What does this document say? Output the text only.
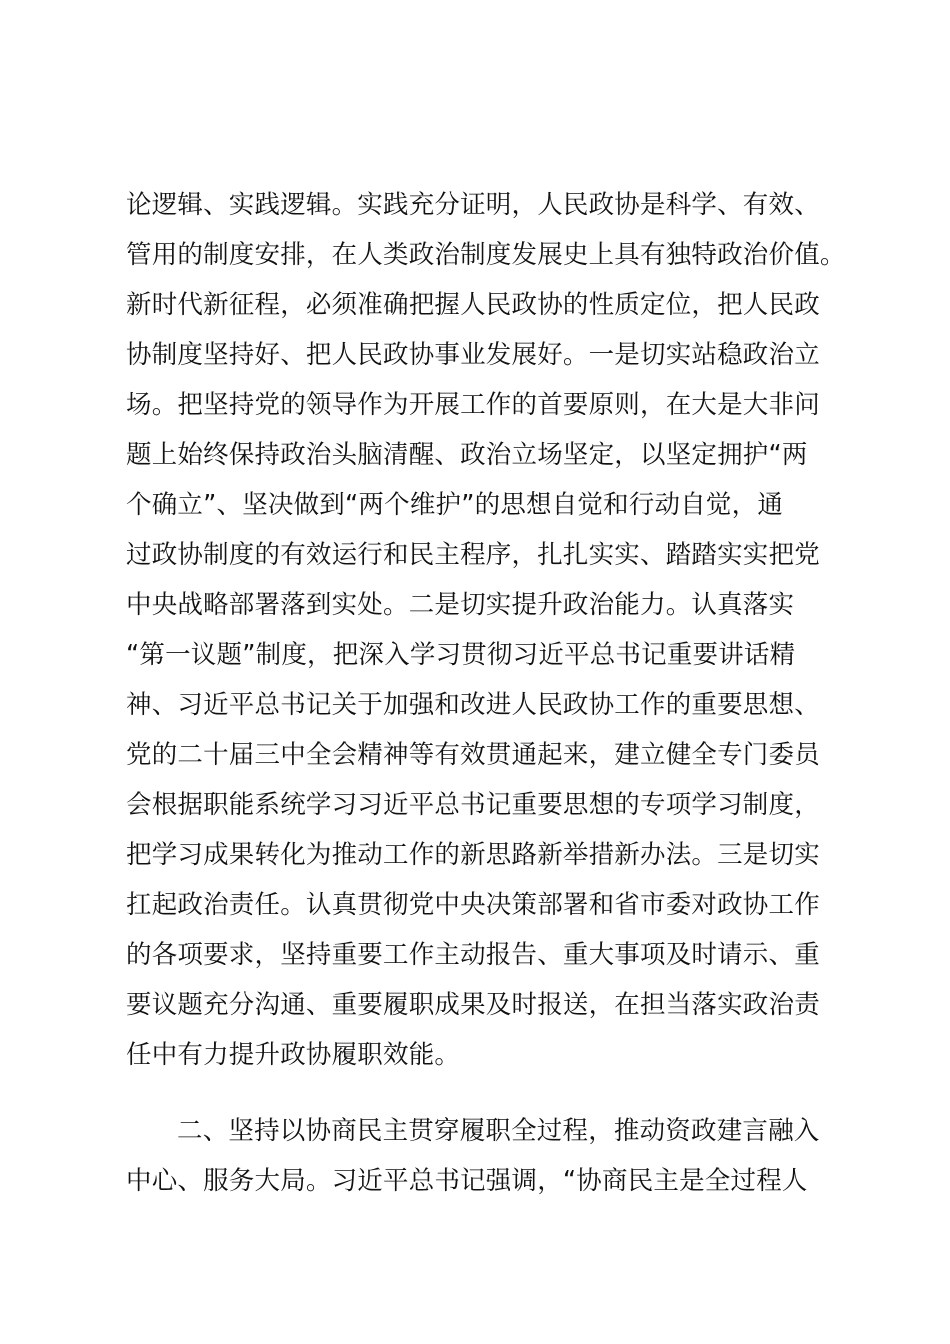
论逻辑、实践逻辑。实践充分证明，人民政协是科学、有效、
管用的制度安排，在人类政治制度发展史上具有独特政治价值。
新时代新征程，必须准确把握人民政协的性质定位，把人民政
协制度坚持好、把人民政协事业发展好。一是切实站稳政治立
场。把坚持党的领导作为开展工作的首要原则，在大是大非问
题上始终保持政治头脑清醒、政治立场坚定，以坚定拥护“两
个确立”、坚决做到“两个维护”的思想自觉和行动自觉，通
过政协制度的有效运行和民主程序，扎扎实实、踏踏实实把党
中央战略部署落到实处。二是切实提升政治能力。认真落实
“第一议题”制度，把深入学习贯彻习近平总书记重要讲话精
神、习近平总书记关于加强和改进人民政协工作的重要思想、
党的二十届三中全会精神等有效贯通起来，建立健全专门委员
会根据职能系统学习习近平总书记重要思想的专项学习制度，
把学习成果转化为推动工作的新思路新举措新办法。三是切实
扛起政治责任。认真贯彻党中央决策部署和省市委对政协工作
的各项要求，坚持重要工作主动报告、重大事项及时请示、重
要议题充分沟通、重要履职成果及时报送，在担当落实政治责
任中有力提升政协履职效能。
二、坚持以协商民主贯穿履职全过程，推动资政建言融入
中心、服务大局。习近平总书记强调，“协商民主是全过程人
